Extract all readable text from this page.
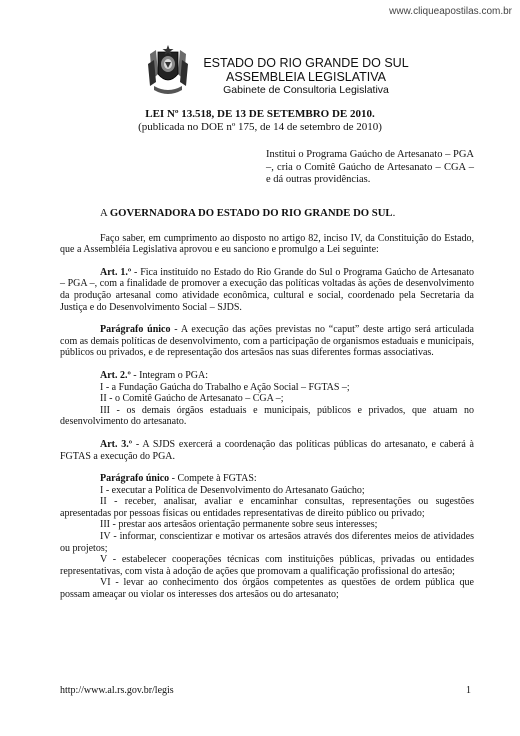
www.cliqueapostilas.com.br
ESTADO DO RIO GRANDE DO SUL
ASSEMBLEIA LEGISLATIVA
Gabinete de Consultoria Legislativa
LEI Nº 13.518, DE 13 DE SETEMBRO DE 2010.
(publicada no DOE nº 175, de 14 de setembro de 2010)
Institui o Programa Gaúcho de Artesanato – PGA –, cria o Comitê Gaúcho de Artesanato – CGA – e dá outras providências.

A GOVERNADORA DO ESTADO DO RIO GRANDE DO SUL.

Faço saber, em cumprimento ao disposto no artigo 82, inciso IV, da Constituição do Estado, que a Assembléia Legislativa aprovou e eu sanciono e promulgo a Lei seguinte:

Art. 1.º - Fica instituído no Estado do Rio Grande do Sul o Programa Gaúcho de Artesanato – PGA –, com a finalidade de promover a execução das políticas voltadas às ações de desenvolvimento da produção artesanal como atividade econômica, cultural e social, coordenado pela Secretaria da Justiça e do Desenvolvimento Social – SJDS.

Parágrafo único - A execução das ações previstas no “caput” deste artigo será articulada com as demais políticas de desenvolvimento, com a participação de organismos estaduais e municipais, públicos ou privados, e de representação dos artesãos nas suas diferentes formas associativas.

Art. 2.º - Integram o PGA:

I - a Fundação Gaúcha do Trabalho e Ação Social – FGTAS –;

II - o Comitê Gaúcho de Artesanato – CGA –;

III - os demais órgãos estaduais e municipais, públicos e privados, que atuam no desenvolvimento do artesanato.

Art. 3.º - A SJDS exercerá a coordenação das políticas públicas do artesanato, e caberá à FGTAS a execução do PGA.

Parágrafo único - Compete à FGTAS:

I - executar a Política de Desenvolvimento do Artesanato Gaúcho;

II - receber, analisar, avaliar e encaminhar consultas, representações ou sugestões apresentadas por pessoas físicas ou entidades representativas de direito público ou privado;

III - prestar aos artesãos orientação permanente sobre seus interesses;

IV - informar, conscientizar e motivar os artesãos através dos diferentes meios de atividades ou projetos;

V - estabelecer cooperações técnicas com instituições públicas, privadas ou entidades representativas, com vista à adoção de ações que promovam a qualificação profissional do artesão;

VI - levar ao conhecimento dos órgãos competentes as questões de ordem pública que possam ameaçar ou violar os interesses dos artesãos ou do artesanato;

http://www.al.rs.gov.br/legis	1
